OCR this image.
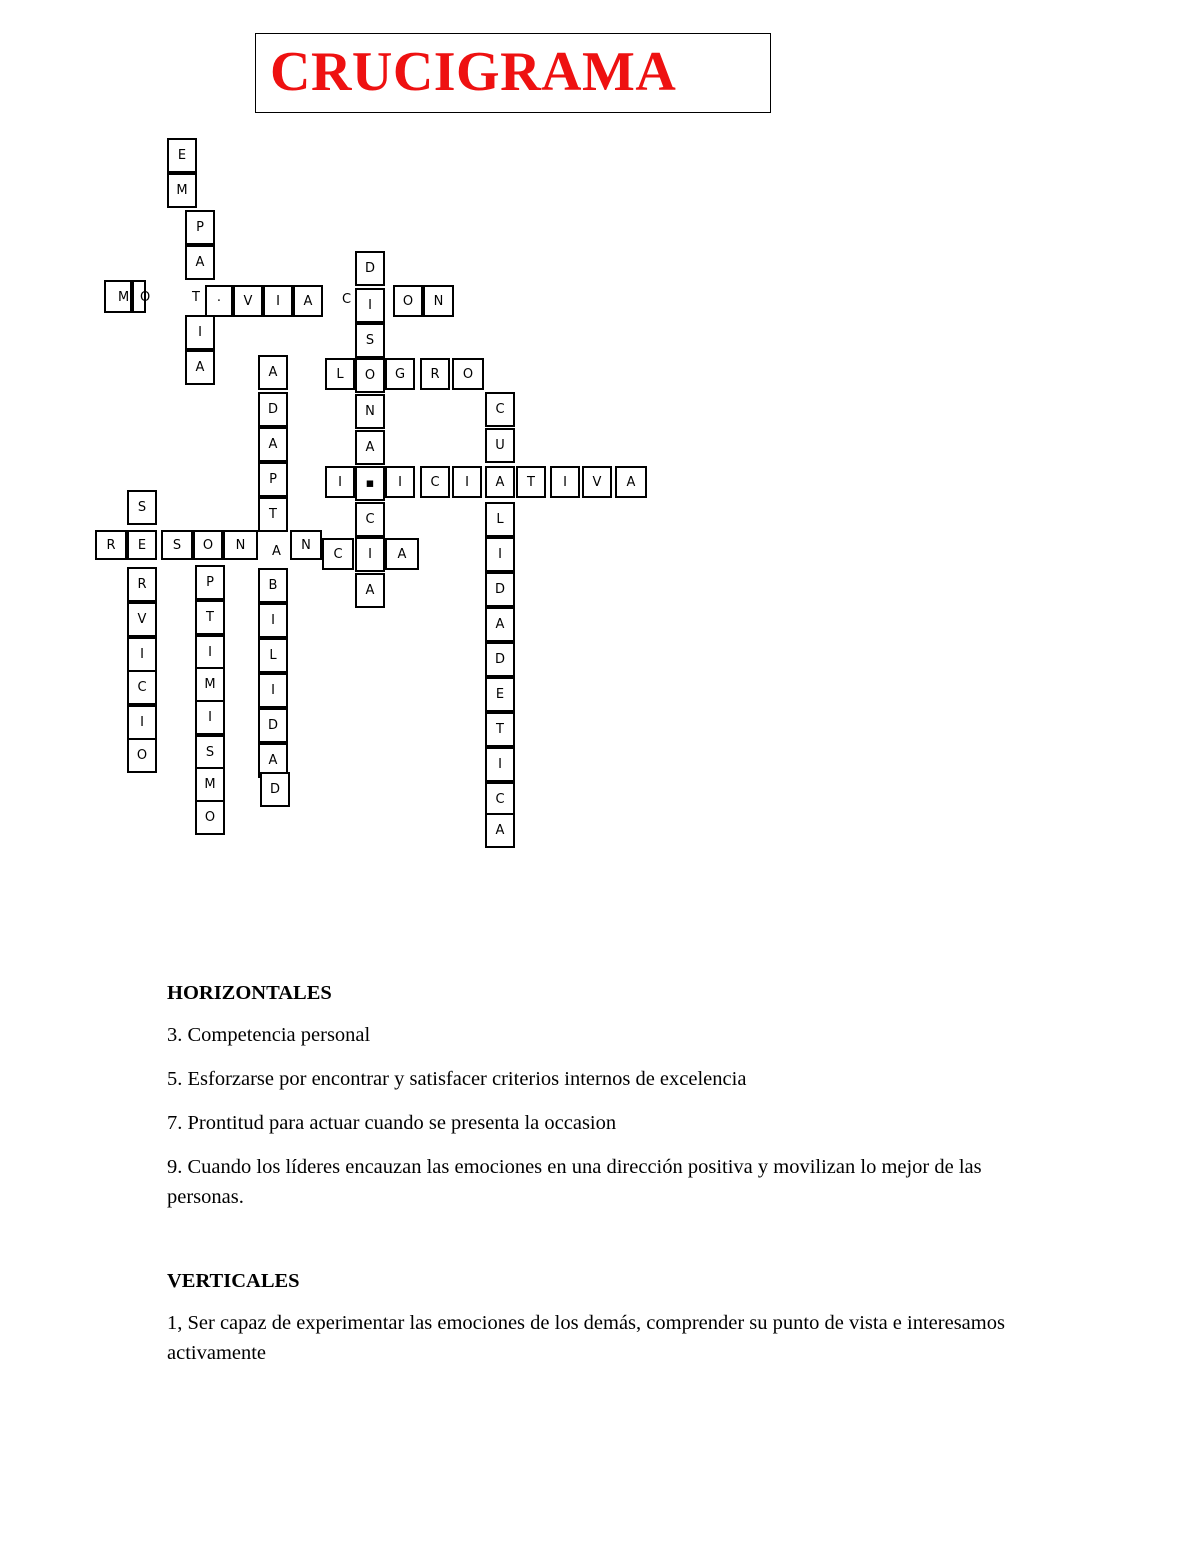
CRUCIGRAMA
E
M
P
A
T
I
A
M O	·	V	I	A	C	O	N
D
I
S
O
N
A
▪
C
I
A
L	G	R	O
A
D
A
P
T
A
B
I
L
I
D
A
D
I	I	C	I	A	T	I	V	A
C
U
L
I
D
A
D
E
T
I
C
A
S
R
V
I
C
I
O
R	E	S	O	N	N
C	A
P
T
I
M
I
S
M
O
HORIZONTALES
3. Competencia personal
5. Esforzarse por encontrar y satisfacer criterios internos de excelencia
7. Prontitud para actuar cuando se presenta la occasion
9. Cuando los líderes encauzan las emociones en una dirección positiva y movilizan lo mejor de las personas.
VERTICALES
1, Ser capaz de experimentar las emociones de los demás, comprender su punto de vista e interesamos activamente
